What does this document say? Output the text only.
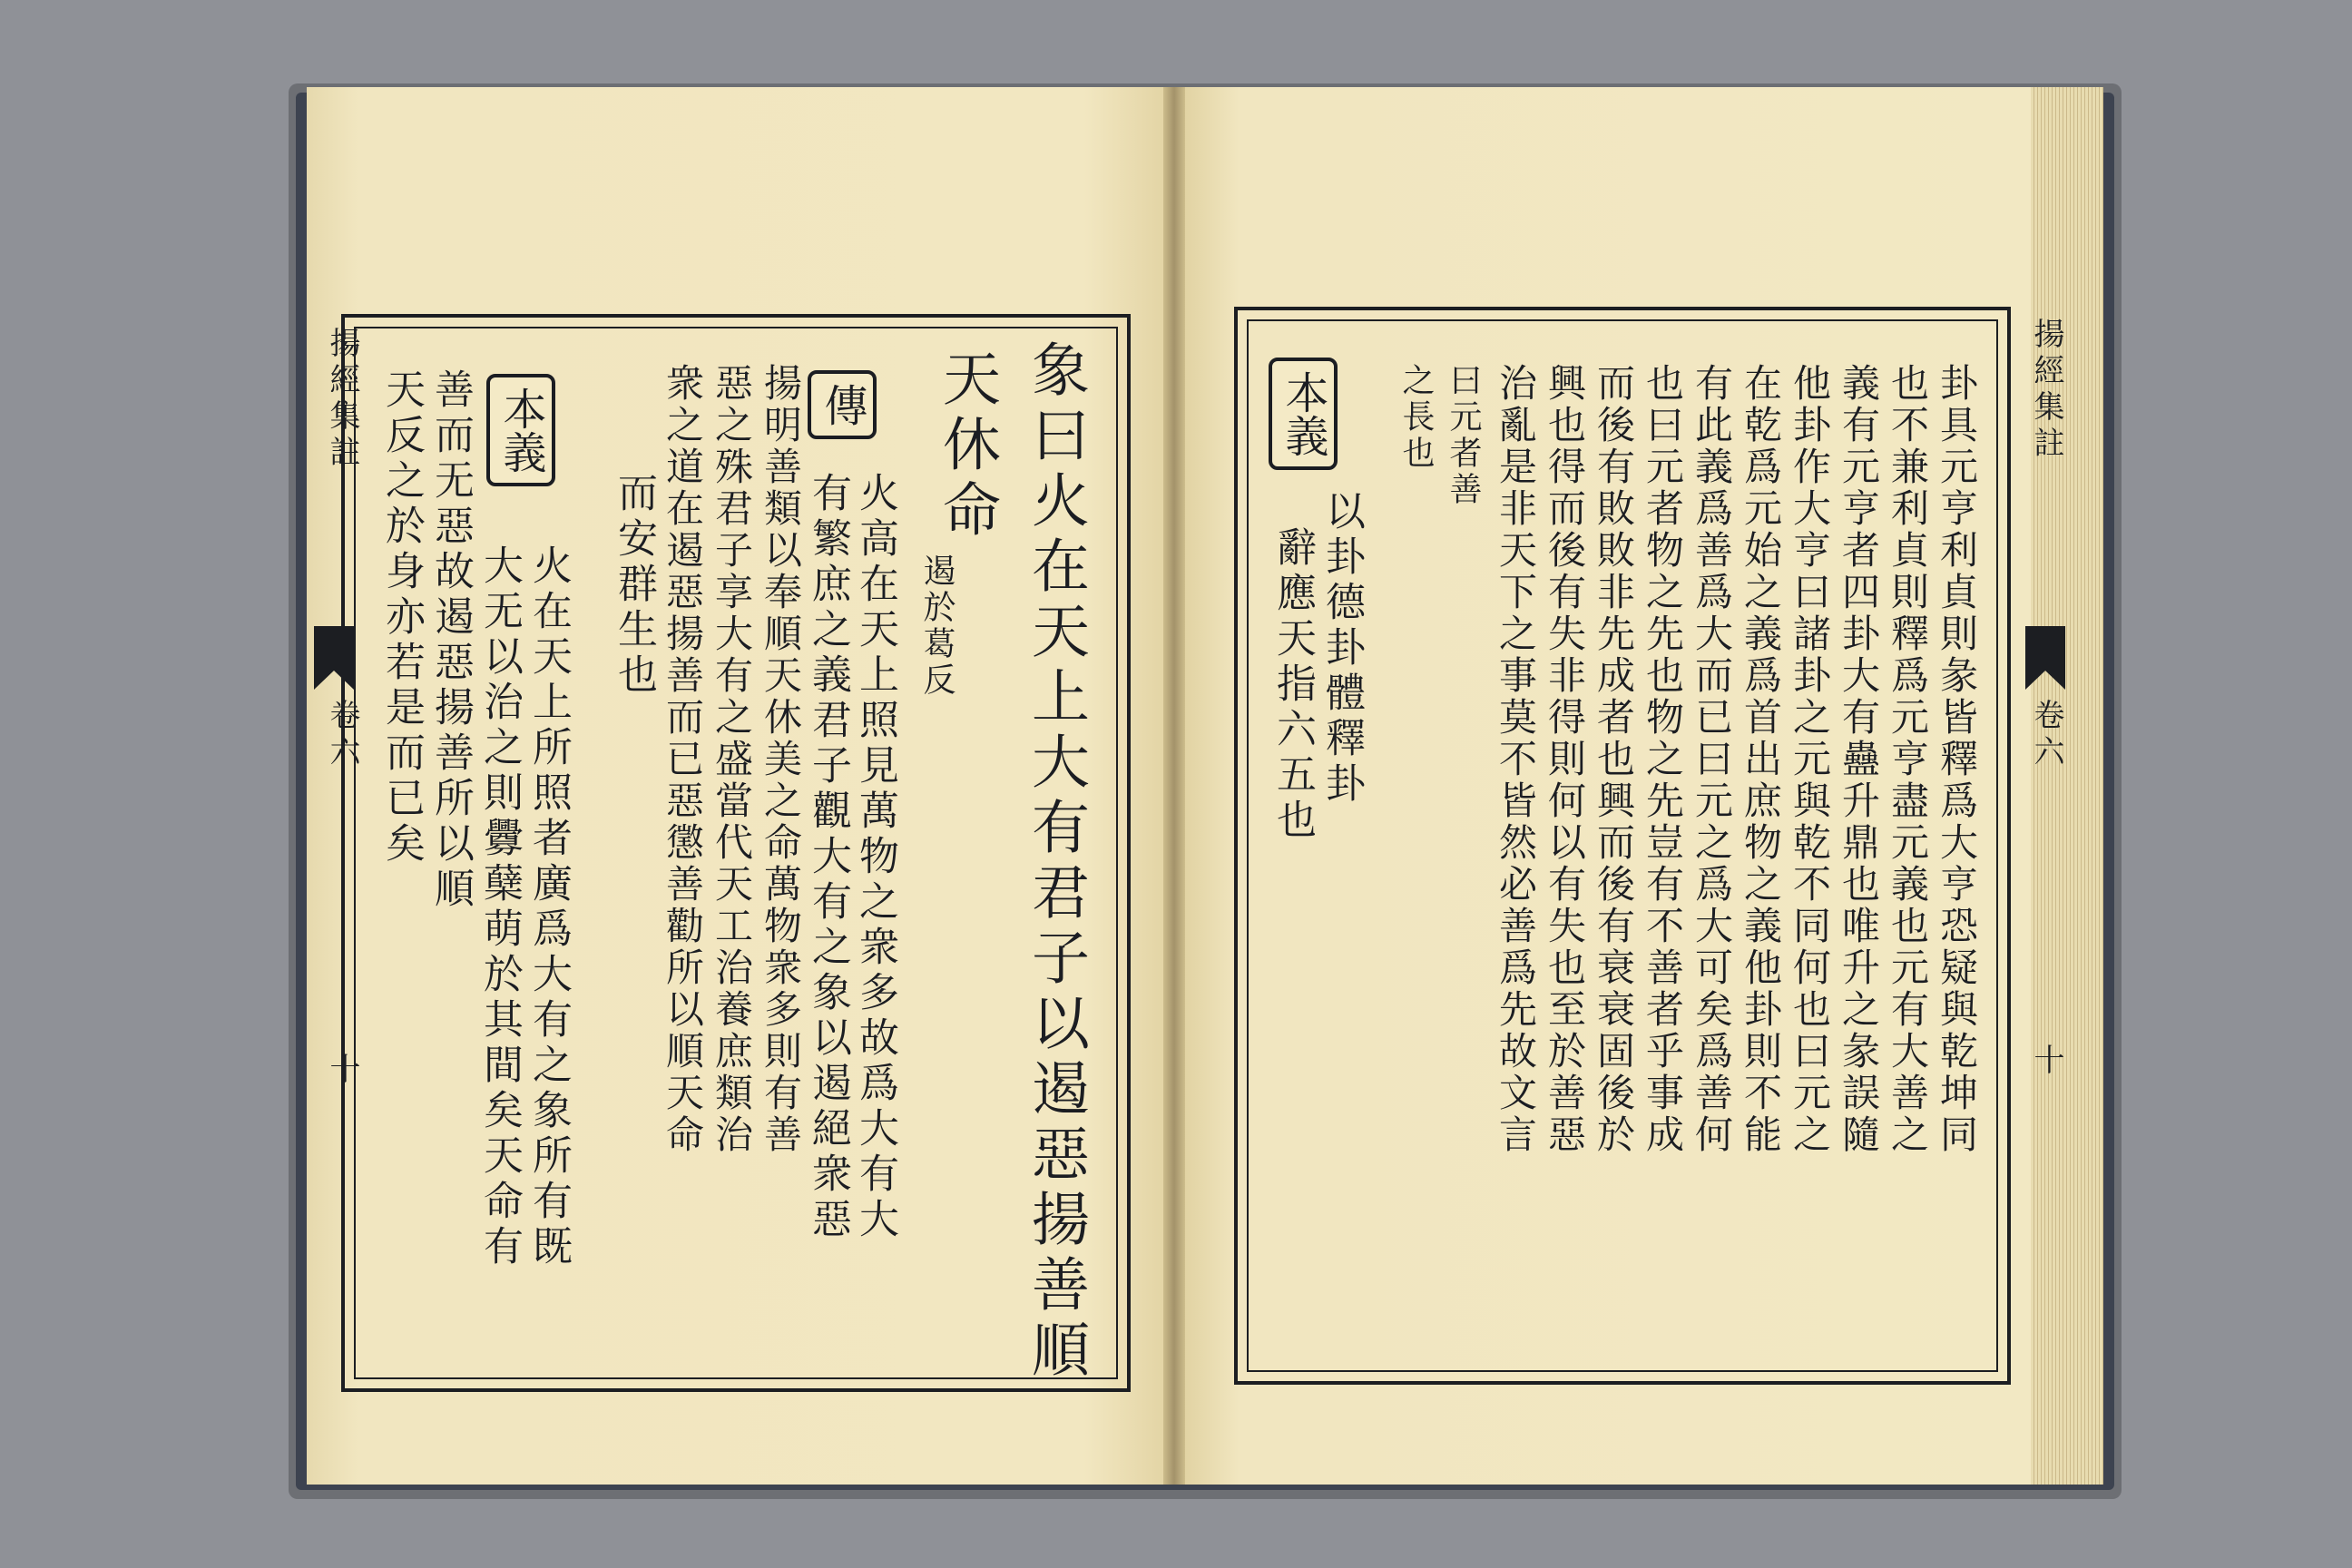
揚經集註
卷六
十	象曰火在天上大有君子以遏惡揚善順
天休命
遏於葛反
傳
火高在天上照見萬物之衆多故爲大有大
有繁庶之義君子觀大有之象以遏絕衆惡
揚明善類以奉順天休美之命萬物衆多則有善
惡之殊君子享大有之盛當代天工治養庶類治
衆之道在遏惡揚善而已惡懲善勸所以順天命
而安群生也
本義
火在天上所照者廣爲大有之象所有既
大无以治之則釁蘖萌於其間矣天命有
善而无惡故遏惡揚善所以順
天反之於身亦若是而已矣	揚經集註
卷六
十
卦具元亨利貞則彖皆釋爲大亨恐疑與乾坤同
也不兼利貞則釋爲元亨盡元義也元有大善之
義有元亨者四卦大有蠱升鼎也唯升之彖誤隨
他卦作大亨曰諸卦之元與乾不同何也曰元之
在乾爲元始之義爲首出庶物之義他卦則不能
有此義爲善爲大而已曰元之爲大可矣爲善何
也曰元者物之先也物之先豈有不善者乎事成
而後有敗敗非先成者也興而後有衰衰固後於
興也得而後有失非得則何以有失也至於善惡
治亂是非天下之事莫不皆然必善爲先故文言
曰元者善
之長也
本義
以卦德卦體釋卦
辭應天指六五也
